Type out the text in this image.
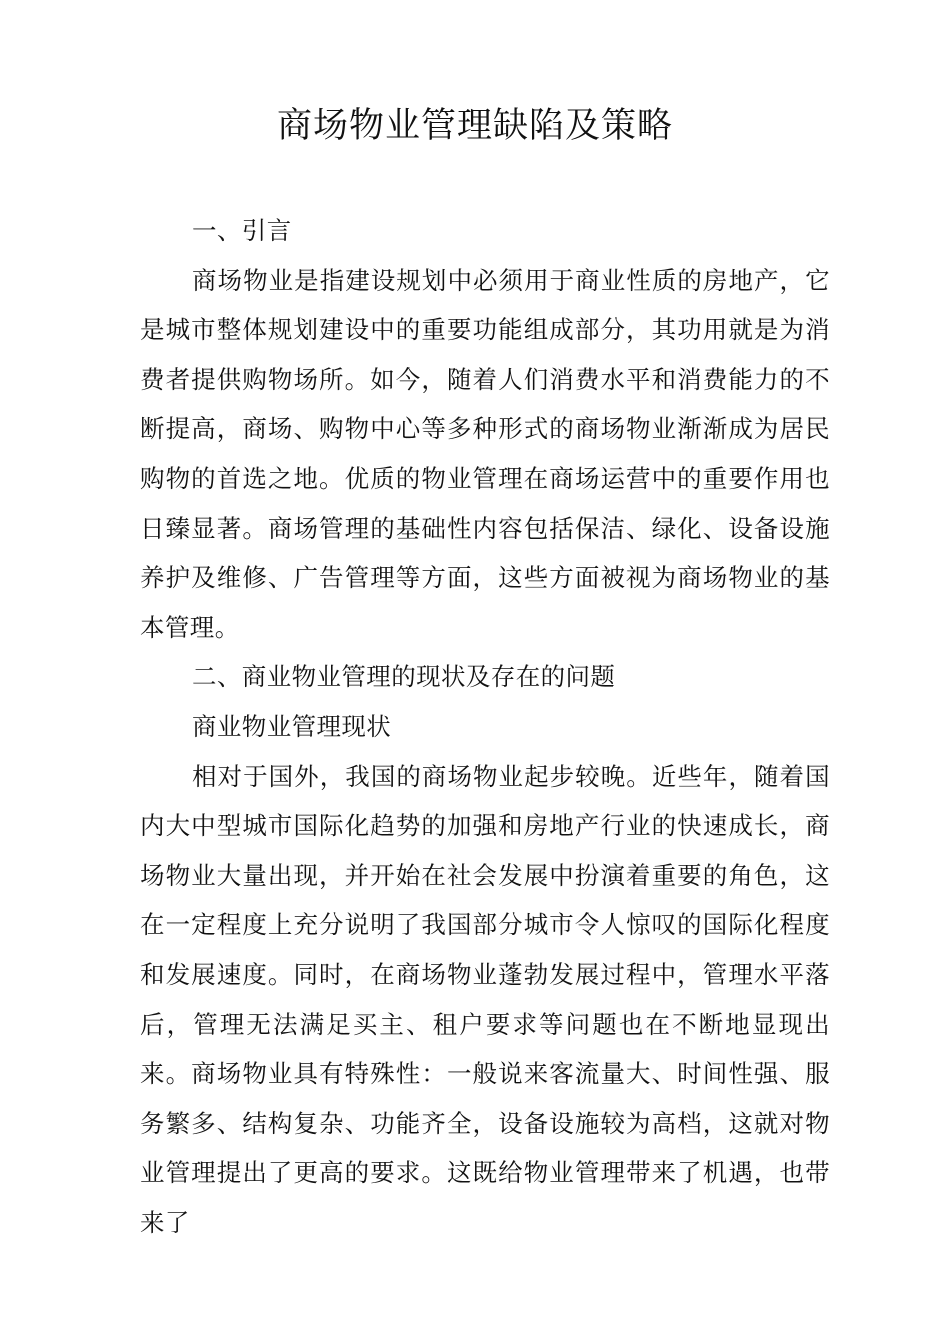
商场物业管理缺陷及策略

一、引言

商场物业是指建设规划中必须用于商业性质的房地产，它是城市整体规划建设中的重要功能组成部分，其功用就是为消费者提供购物场所。如今，随着人们消费水平和消费能力的不断提高，商场、购物中心等多种形式的商场物业渐渐成为居民购物的首选之地。优质的物业管理在商场运营中的重要作用也日臻显著。商场管理的基础性内容包括保洁、绿化、设备设施养护及维修、广告管理等方面，这些方面被视为商场物业的基本管理。

二、商业物业管理的现状及存在的问题

商业物业管理现状

相对于国外，我国的商场物业起步较晚。近些年，随着国内大中型城市国际化趋势的加强和房地产行业的快速成长，商场物业大量出现，并开始在社会发展中扮演着重要的角色，这在一定程度上充分说明了我国部分城市令人惊叹的国际化程度和发展速度。同时，在商场物业蓬勃发展过程中，管理水平落后，管理无法满足买主、租户要求等问题也在不断地显现出来。商场物业具有特殊性：一般说来客流量大、时间性强、服务繁多、结构复杂、功能齐全，设备设施较为高档，这就对物业管理提出了更高的要求。这既给物业管理带来了机遇，也带来了
